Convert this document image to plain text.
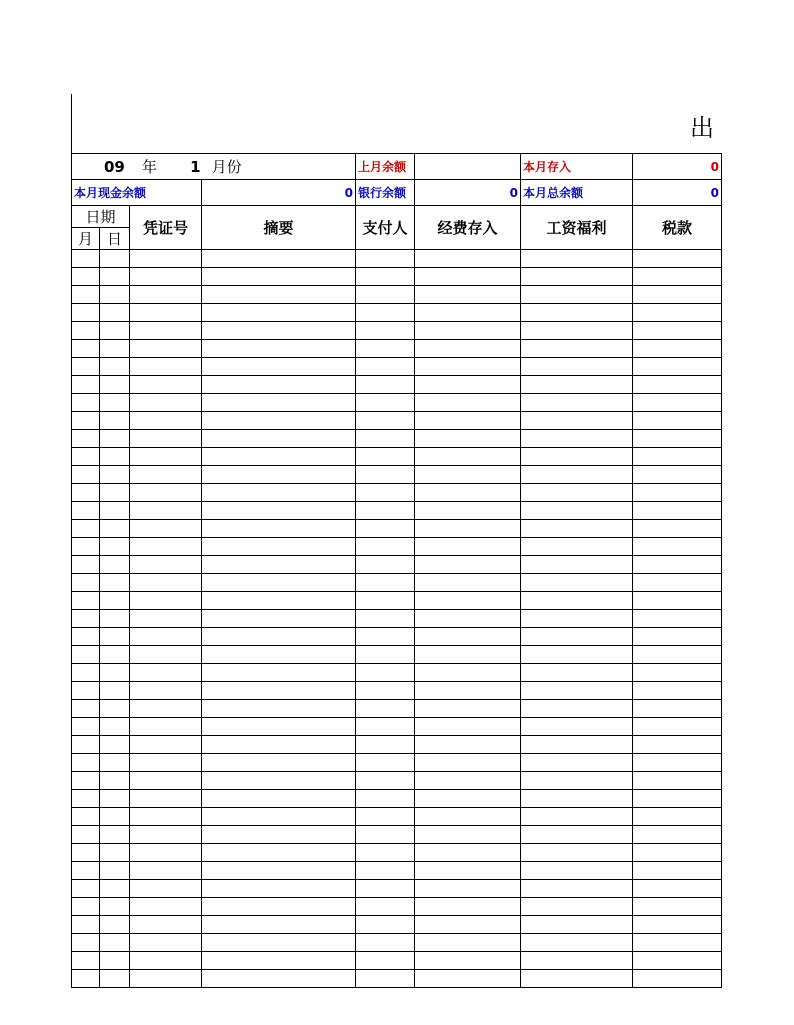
出
09 年 1 月份				上月余额		本月存入	0
本月现金余额			0	银行余额	0	本月总余额	0
日期		凭证号	摘要	支付人	经费存入	工资福利	税款
月	日						
